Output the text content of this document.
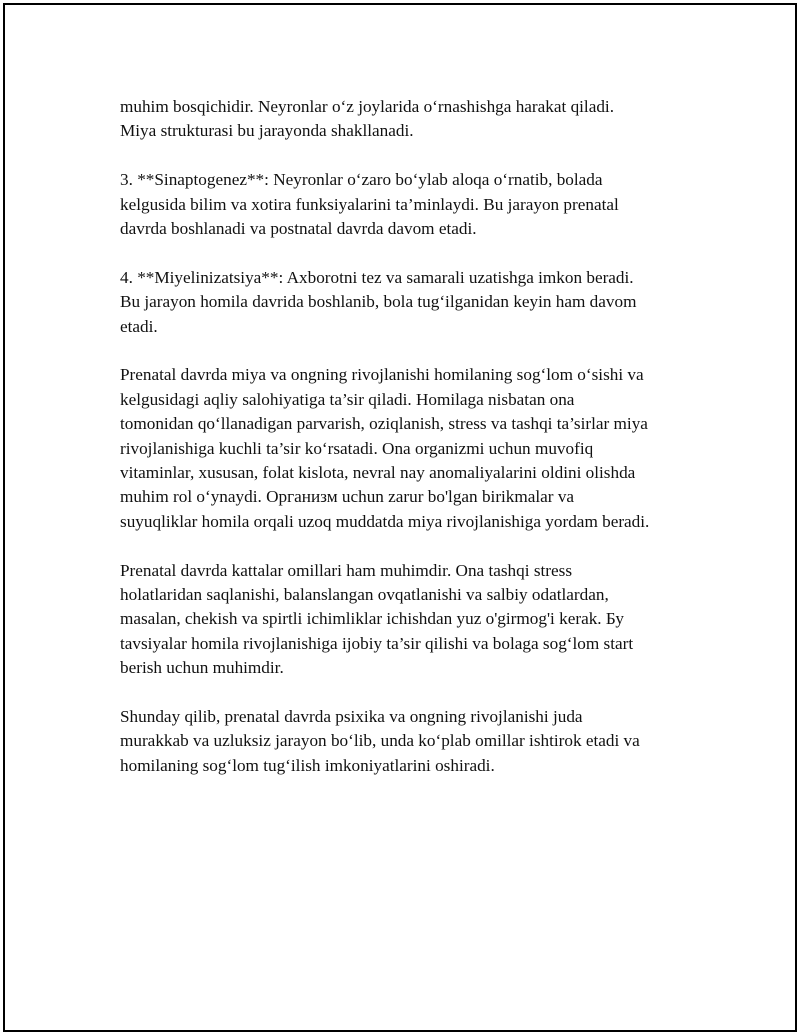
muhim bosqichidir. Neyronlar o‘z joylarida o‘rnashishga harakat qiladi.
Miya strukturasi bu jarayonda shakllanadi.

3. **Sinaptogenez**: Neyronlar o‘zaro bo‘ylab aloqa o‘rnatib, bolada
kelgusida bilim va xotira funksiyalarini ta’minlaydi. Bu jarayon prenatal
davrda boshlanadi va postnatal davrda davom etadi.

4. **Miyelinizatsiya**: Axborotni tez va samarali uzatishga imkon beradi.
Bu jarayon homila davrida boshlanib, bola tug‘ilganidan keyin ham davom
etadi.

Prenatal davrda miya va ongning rivojlanishi homilaning sog‘lom o‘sishi va
kelgusidagi aqliy salohiyatiga ta’sir qiladi. Homilaga nisbatan ona
tomonidan qo‘llanadigan parvarish, oziqlanish, stress va tashqi ta’sirlar miya
rivojlanishiga kuchli ta’sir ko‘rsatadi. Ona organizmi uchun muvofiq
vitaminlar, xususan, folat kislota, nevral nay anomaliyalarini oldini olishda
muhim rol o‘ynaydi. Организм uchun zarur bo'lgan birikmalar va
suyuqliklar homila orqali uzoq muddatda miya rivojlanishiga yordam beradi.

Prenatal davrda kattalar omillari ham muhimdir. Ona tashqi stress
holatlaridan saqlanishi, balanslangan ovqatlanishi va salbiy odatlardan,
masalan, chekish va spirtli ichimliklar ichishdan yuz o'girmog'i kerak. Бу
tavsiyalar homila rivojlanishiga ijobiy ta’sir qilishi va bolaga sog‘lom start
berish uchun muhimdir.

Shunday qilib, prenatal davrda psixika va ongning rivojlanishi juda
murakkab va uzluksiz jarayon bo‘lib, unda ko‘plab omillar ishtirok etadi va
homilaning sog‘lom tug‘ilish imkoniyatlarini oshiradi.
